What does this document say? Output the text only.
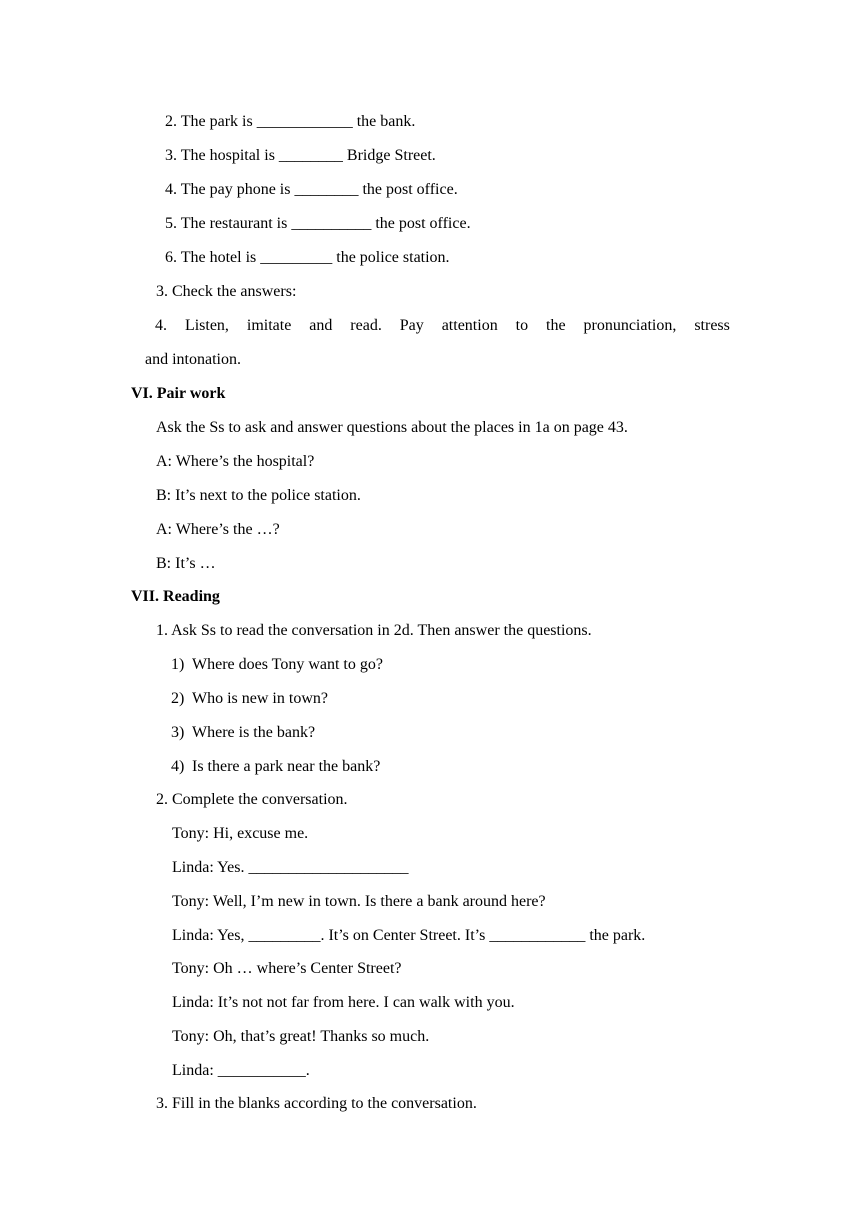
2. The park is ____________ the bank.
3. The hospital is ________ Bridge Street.
4. The pay phone is ________ the post office.
5. The restaurant is __________ the post office.
6. The hotel is _________ the police station.
3. Check the answers:
4. Listen, imitate and read. Pay attention to the pronunciation, stress
and intonation.
VI. Pair work
Ask the Ss to ask and answer questions about the places in 1a on page 43.
A: Where’s the hospital?
B: It’s next to the police station.
A: Where’s the …?
B: It’s …
VII. Reading
1. Ask Ss to read the conversation in 2d. Then answer the questions.
1) Where does Tony want to go?
2) Who is new in town?
3) Where is the bank?
4) Is there a park near the bank?
2. Complete the conversation.
Tony: Hi, excuse me.
Linda: Yes. ____________________
Tony: Well, I’m new in town. Is there a bank around here?
Linda: Yes, _________. It’s on Center Street. It’s ____________ the park.
Tony: Oh … where’s Center Street?
Linda: It’s not not far from here. I can walk with you.
Tony: Oh, that’s great! Thanks so much.
Linda: ___________.
3. Fill in the blanks according to the conversation.
